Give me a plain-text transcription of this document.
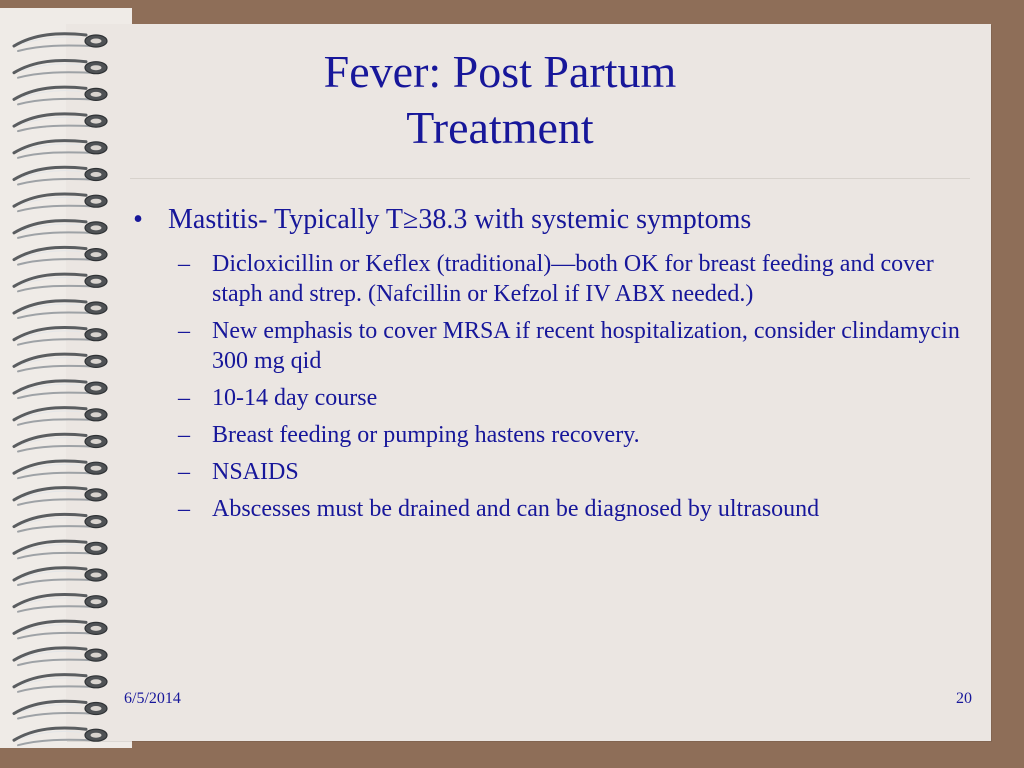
Fever: Post Partum
Treatment
• Mastitis- Typically T≥38.3 with systemic symptoms
– Dicloxicillin or Keflex (traditional)—both OK for breast feeding and cover staph and strep. (Nafcillin or Kefzol if IV ABX needed.)
– New emphasis to cover MRSA if recent hospitalization, consider clindamycin 300 mg qid
– 10-14 day course
– Breast feeding or pumping hastens recovery.
– NSAIDS
– Abscesses must be drained and can be diagnosed by ultrasound
6/5/2014	20
